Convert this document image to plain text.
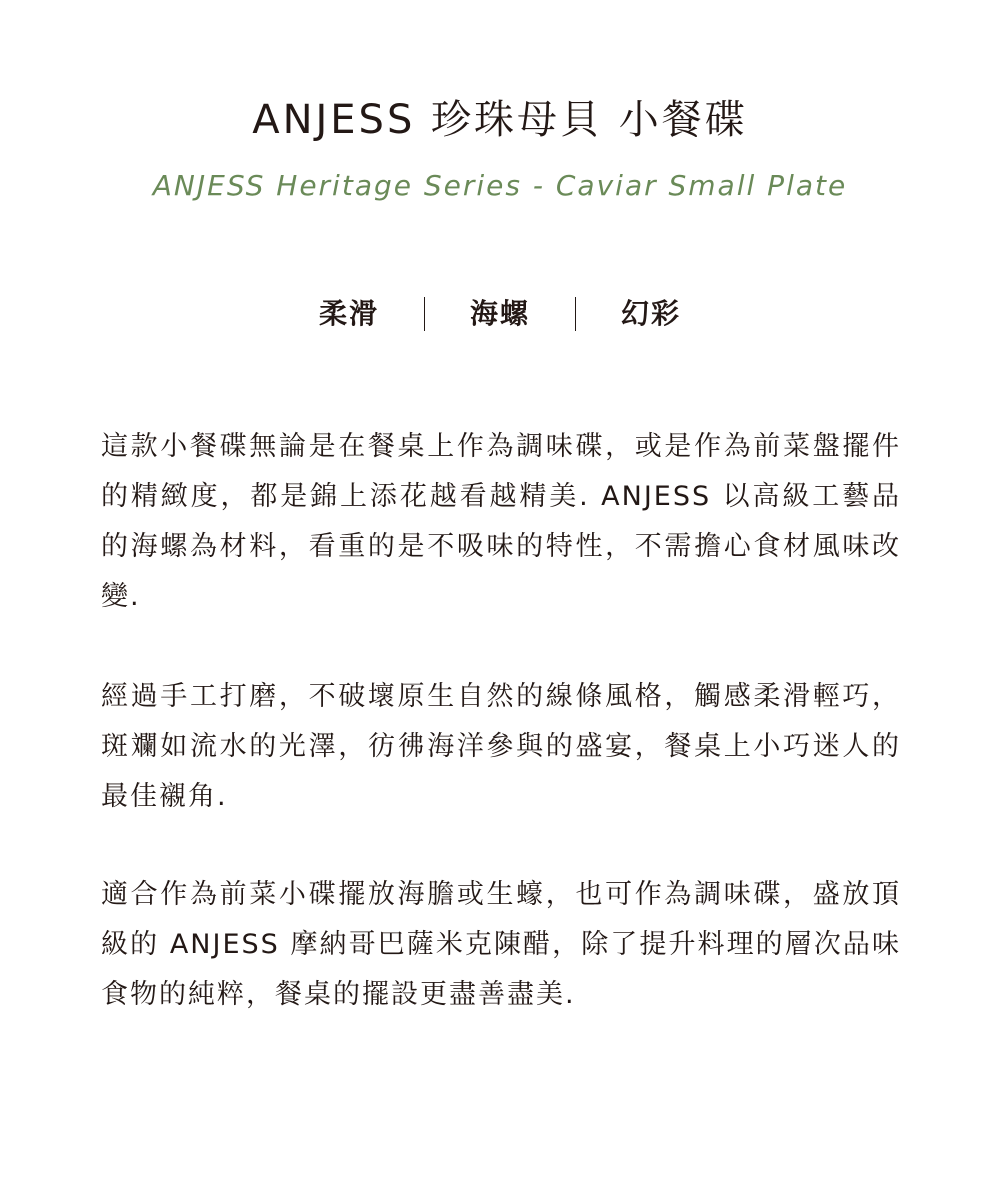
ANJESS 珍珠母貝 小餐碟
ANJESS Heritage Series - Caviar Small Plate
柔滑	海螺	幻彩

這款小餐碟無論是在餐桌上作為調味碟，或是作為前菜盤擺件的精緻度，都是錦上添花越看越精美. ANJESS 以高級工藝品的海螺為材料，看重的是不吸味的特性，不需擔心食材風味改變.

經過手工打磨，不破壞原生自然的線條風格，觸感柔滑輕巧，斑斕如流水的光澤，彷彿海洋參與的盛宴，餐桌上小巧迷人的最佳襯角.

適合作為前菜小碟擺放海膽或生蠔，也可作為調味碟，盛放頂級的 ANJESS 摩納哥巴薩米克陳醋，除了提升料理的層次品味食物的純粹，餐桌的擺設更盡善盡美.
